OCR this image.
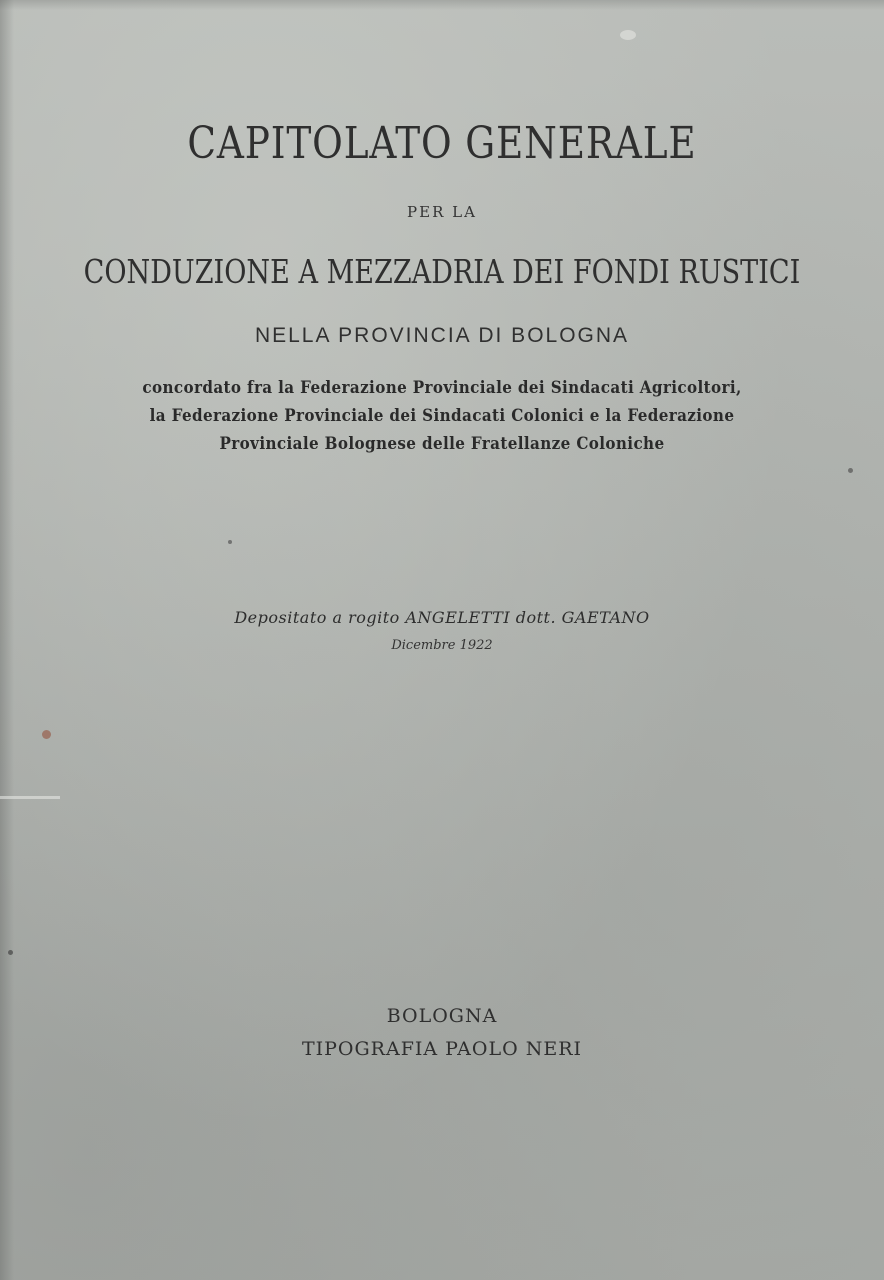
CAPITOLATO GENERALE
PER LA
CONDUZIONE A MEZZADRIA DEI FONDI RUSTICI
NELLA PROVINCIA DI BOLOGNA
concordato fra la Federazione Provinciale dei Sindacati Agricoltori,
la Federazione Provinciale dei Sindacati Colonici e la Federazione
Provinciale Bolognese delle Fratellanze Coloniche
Depositato a rogito ANGELETTI dott. GAETANO
Dicembre 1922
BOLOGNA
TIPOGRAFIA PAOLO NERI
